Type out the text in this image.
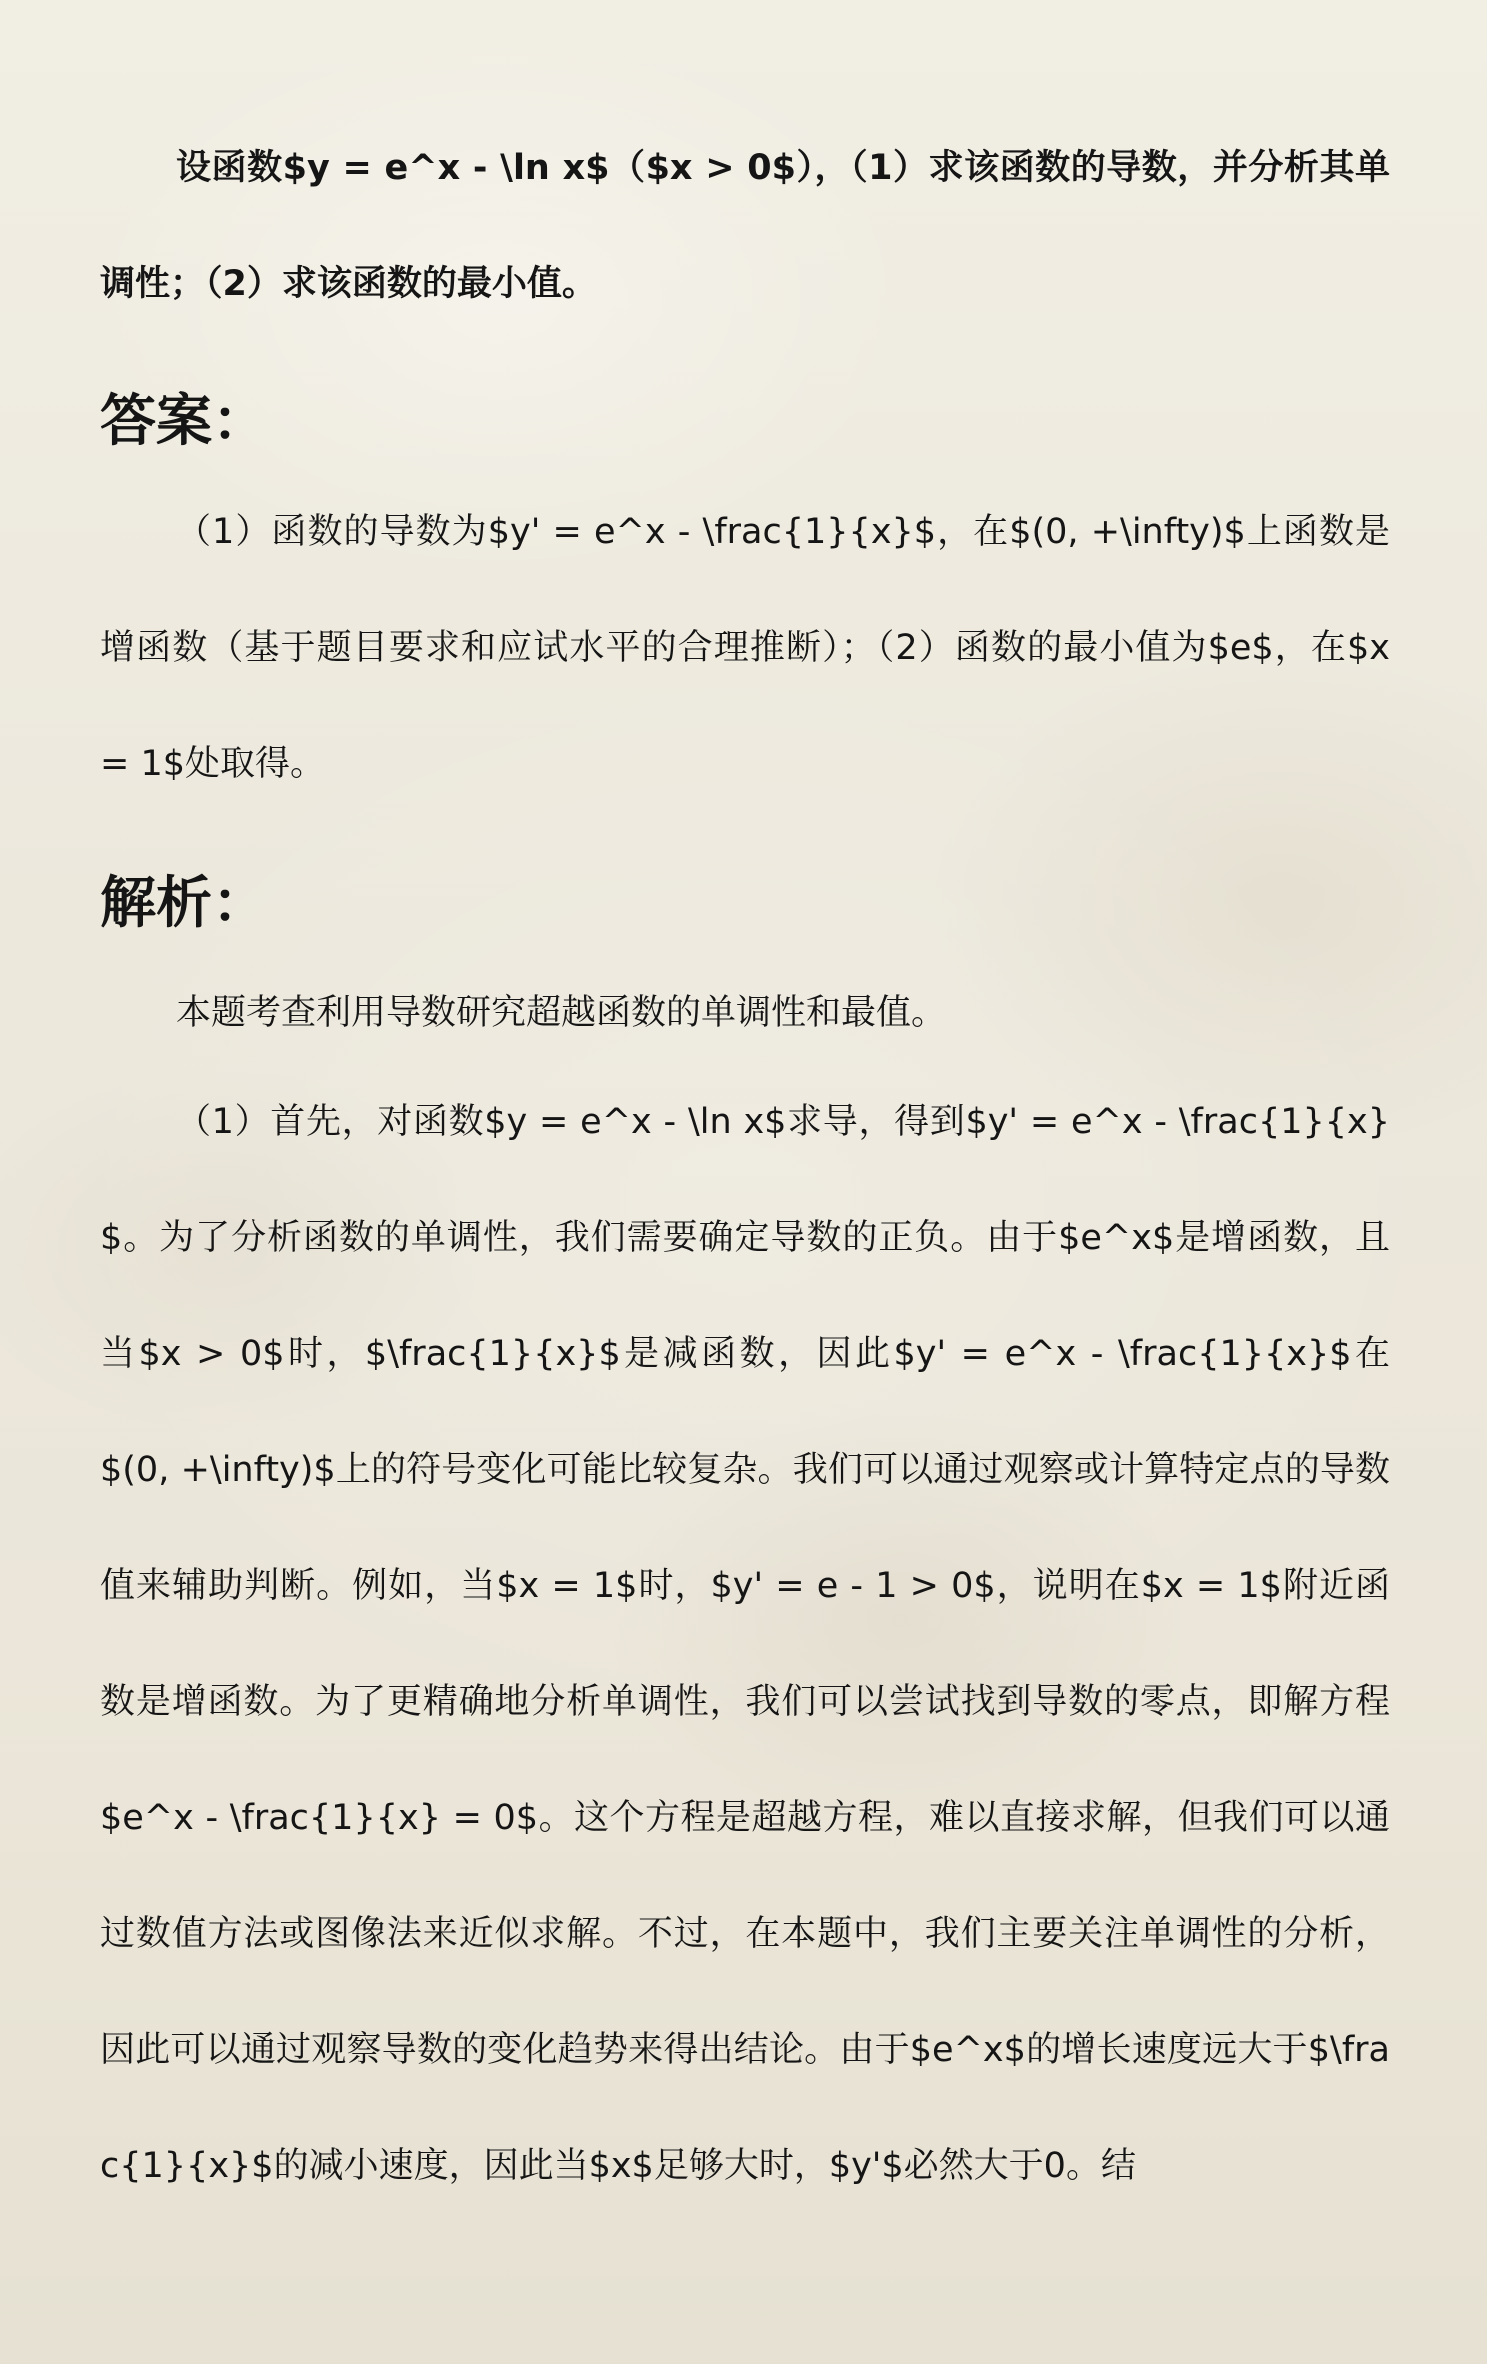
设函数$y = e^x - \ln x$（$x > 0$），（1）求该函数的导数，并分析其单调性；（2）求该函数的最小值。

答案：

（1）函数的导数为$y' = e^x - \frac{1}{x}$，在$(0, +\infty)$上函数是增函数（基于题目要求和应试水平的合理推断）；（2）函数的最小值为$e$，在$x = 1$处取得。

解析：

本题考查利用导数研究超越函数的单调性和最值。

（1）首先，对函数$y = e^x - \ln x$求导，得到$y' = e^x - \frac{1}{x}$。为了分析函数的单调性，我们需要确定导数的正负。由于$e^x$是增函数，且当$x > 0$时，$\frac{1}{x}$是减函数，因此$y' = e^x - \frac{1}{x}$在$(0, +\infty)$上的符号变化可能比较复杂。我们可以通过观察或计算特定点的导数值来辅助判断。例如，当$x = 1$时，$y' = e - 1 > 0$，说明在$x = 1$附近函数是增函数。为了更精确地分析单调性，我们可以尝试找到导数的零点，即解方程$e^x - \frac{1}{x} = 0$。这个方程是超越方程，难以直接求解，但我们可以通过数值方法或图像法来近似求解。不过，在本题中，我们主要关注单调性的分析，因此可以通过观察导数的变化趋势来得出结论。由于$e^x$的增长速度远大于$\frac{1}{x}$的减小速度，因此当$x$足够大时，$y'$必然大于0。结
